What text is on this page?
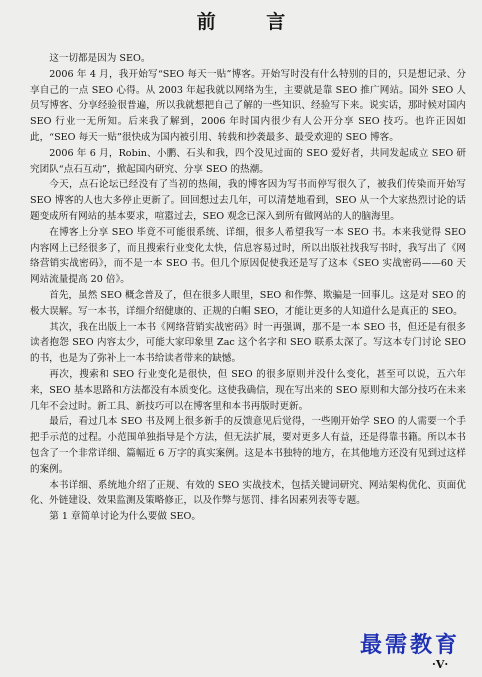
前 言

这一切都是因为 SEO。

2006 年 4 月，我开始写“SEO 每天一贴”博客。开始写时没有什么特别的目的，只是想记录、分享自己的一点 SEO 心得。从 2003 年起我就以网络为生，主要就是靠 SEO 推广网站。国外 SEO 人员写博客、分享经验很普遍，所以我就想把自己了解的一些知识、经验写下来。说实话，那时候对国内 SEO 行业一无所知。后来我了解到，2006 年时国内很少有人公开分享 SEO 技巧。也许正因如此，“SEO 每天一贴”很快成为国内被引用、转载和抄袭最多、最受欢迎的 SEO 博客。

2006 年 6 月，Robin、小鹏、石头和我，四个没见过面的 SEO 爱好者，共同发起成立 SEO 研究团队“点石互动”，掀起国内研究、分享 SEO 的热潮。

今天，点石论坛已经没有了当初的热闹，我的博客因为写书而停写很久了，被我们传染而开始写 SEO 博客的人也大多停止更新了。回回想过去几年，可以清楚地看到，SEO 从一个大家热烈讨论的话题变成所有网站的基本要求，喧嚣过去，SEO 观念已深入到所有做网站的人的脑海里。

在博客上分享 SEO 毕竟不可能很系统、详细，很多人希望我写一本 SEO 书。本来我觉得 SEO 内容网上已经很多了，而且搜索行业变化太快，信息容易过时，所以出版社找我写书时，我写出了《网络营销实战密码》，而不是一本 SEO 书。但几个原因促使我还是写了这本《SEO 实战密码——60 天网站流量提高 20 倍》。

首先，虽然 SEO 概念普及了，但在很多人眼里，SEO 和作弊、欺骗是一回事儿。这是对 SEO 的极大误解。写一本书，详细介绍健康的、正规的白帽 SEO，才能让更多的人知道什么是真正的 SEO。

其次，我在出版上一本书《网络营销实战密码》时一再强调，那不是一本 SEO 书，但还是有很多读者抱怨 SEO 内容太少，可能大家印象里 Zac 这个名字和 SEO 联系太深了。写这本专门讨论 SEO 的书，也是为了弥补上一本书给读者带来的缺憾。

再次，搜索和 SEO 行业变化是很快，但 SEO 的很多原则并没什么变化，甚至可以说，五六年来，SEO 基本思路和方法都没有本质变化。这使我确信，现在写出来的 SEO 原则和大部分技巧在未来几年不会过时。新工具、新技巧可以在博客里和本书再版时更新。

最后，看过几本 SEO 书及网上很多新手的反馈意见后觉得，一些刚开始学 SEO 的人需要一个手把手示范的过程。小范围单独指导是个方法，但无法扩展，要对更多人有益，还是得靠书籍。所以本书包含了一个非常详细、篇幅近 6 万字的真实案例。这是本书独特的地方，在其他地方还没有见到过这样的案例。

本书详细、系统地介绍了正规、有效的 SEO 实战技术，包括关键词研究、网站架构优化、页面优化、外链建设、效果监测及策略修正，以及作弊与惩罚、排名因素列表等专题。

第 1 章简单讨论为什么要做 SEO。

最需教育
·V·
